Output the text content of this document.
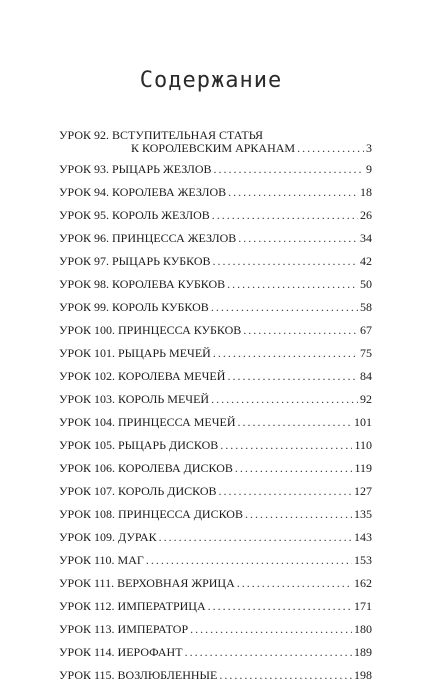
Содержание
УРОК 92. ВСТУПИТЕЛЬНАЯ СТАТЬЯ
К КОРОЛЕВСКИМ АРКАНАМ .....	3
УРОК 93. РЫЦАРЬ ЖЕЗЛОВ .....	9
УРОК 94. КОРОЛЕВА ЖЕЗЛОВ .....	18
УРОК 95. КОРОЛЬ ЖЕЗЛОВ .....	26
УРОК 96. ПРИНЦЕССА ЖЕЗЛОВ .....	34
УРОК 97. РЫЦАРЬ КУБКОВ .....	42
УРОК 98. КОРОЛЕВА КУБКОВ .....	50
УРОК 99. КОРОЛЬ КУБКОВ .....	58
УРОК 100. ПРИНЦЕССА КУБКОВ .....	67
УРОК 101. РЫЦАРЬ МЕЧЕЙ .....	75
УРОК 102. КОРОЛЕВА МЕЧЕЙ .....	84
УРОК 103. КОРОЛЬ МЕЧЕЙ .....	92
УРОК 104. ПРИНЦЕССА МЕЧЕЙ .....	101
УРОК 105. РЫЦАРЬ ДИСКОВ .....	110
УРОК 106. КОРОЛЕВА ДИСКОВ .....	119
УРОК 107. КОРОЛЬ ДИСКОВ .....	127
УРОК 108. ПРИНЦЕССА ДИСКОВ .....	135
УРОК 109. ДУРАК .....	143
УРОК 110. МАГ .....	153
УРОК 111. ВЕРХОВНАЯ ЖРИЦА .....	162
УРОК 112. ИМПЕРАТРИЦА .....	171
УРОК 113. ИМПЕРАТОР .....	180
УРОК 114. ИЕРОФАНТ .....	189
УРОК 115. ВОЗЛЮБЛЕННЫЕ .....	198
